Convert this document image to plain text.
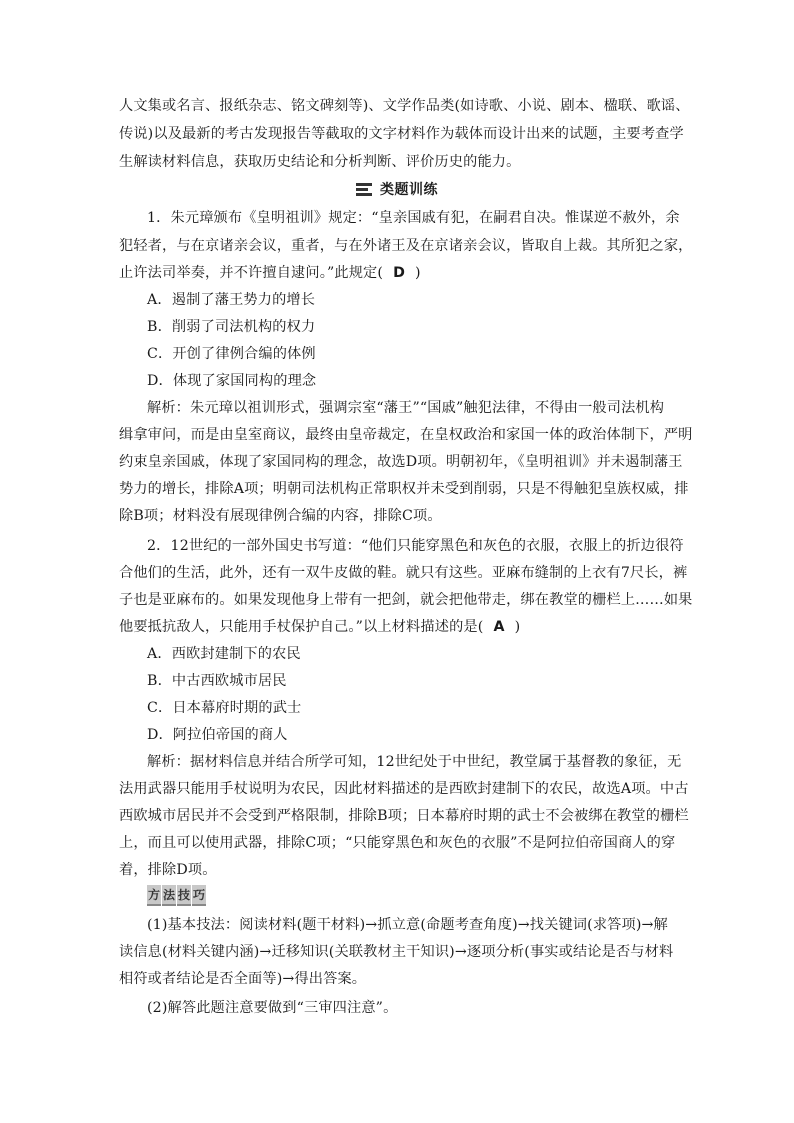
人文集或名言、报纸杂志、铭文碑刻等)、文学作品类(如诗歌、小说、剧本、楹联、歌谣、
传说)以及最新的考古发现报告等截取的文字材料作为载体而设计出来的试题，主要考查学
生解读材料信息，获取历史结论和分析判断、评价历史的能力。
类题训练
1．朱元璋颁布《皇明祖训》规定：“皇亲国戚有犯，在嗣君自决。惟谋逆不赦外，余
犯轻者，与在京诸亲会议，重者，与在外诸王及在京诸亲会议，皆取自上裁。其所犯之家，
止许法司举奏，并不许擅自逮问。”此规定( D )
A．遏制了藩王势力的增长
B．削弱了司法机构的权力
C．开创了律例合编的体例
D．体现了家国同构的理念
解析：朱元璋以祖训形式，强调宗室“藩王”“国戚”触犯法律，不得由一般司法机构
缉拿审问，而是由皇室商议，最终由皇帝裁定，在皇权政治和家国一体的政治体制下，严明
约束皇亲国戚，体现了家国同构的理念，故选D项。明朝初年，《皇明祖训》并未遏制藩王
势力的增长，排除A项；明朝司法机构正常职权并未受到削弱，只是不得触犯皇族权威，排
除B项；材料没有展现律例合编的内容，排除C项。
2．12世纪的一部外国史书写道：“他们只能穿黑色和灰色的衣服，衣服上的折边很符
合他们的生活，此外，还有一双牛皮做的鞋。就只有这些。亚麻布缝制的上衣有7尺长，裤
子也是亚麻布的。如果发现他身上带有一把剑，就会把他带走，绑在教堂的栅栏上……如果
他要抵抗敌人，只能用手杖保护自己。”以上材料描述的是( A )
A．西欧封建制下的农民
B．中古西欧城市居民
C．日本幕府时期的武士
D．阿拉伯帝国的商人
解析：据材料信息并结合所学可知，12世纪处于中世纪，教堂属于基督教的象征，无
法用武器只能用手杖说明为农民，因此材料描述的是西欧封建制下的农民，故选A项。中古
西欧城市居民并不会受到严格限制，排除B项；日本幕府时期的武士不会被绑在教堂的栅栏
上，而且可以使用武器，排除C项；“只能穿黑色和灰色的衣服”不是阿拉伯帝国商人的穿
着，排除D项。
方 法 技 巧
(1)基本技法：阅读材料(题干材料)→抓立意(命题考查角度)→找关键词(求答项)→解
读信息(材料关键内涵)→迁移知识(关联教材主干知识)→逐项分析(事实或结论是否与材料
相符或者结论是否全面等)→得出答案。
(2)解答此题注意要做到“三审四注意”。
